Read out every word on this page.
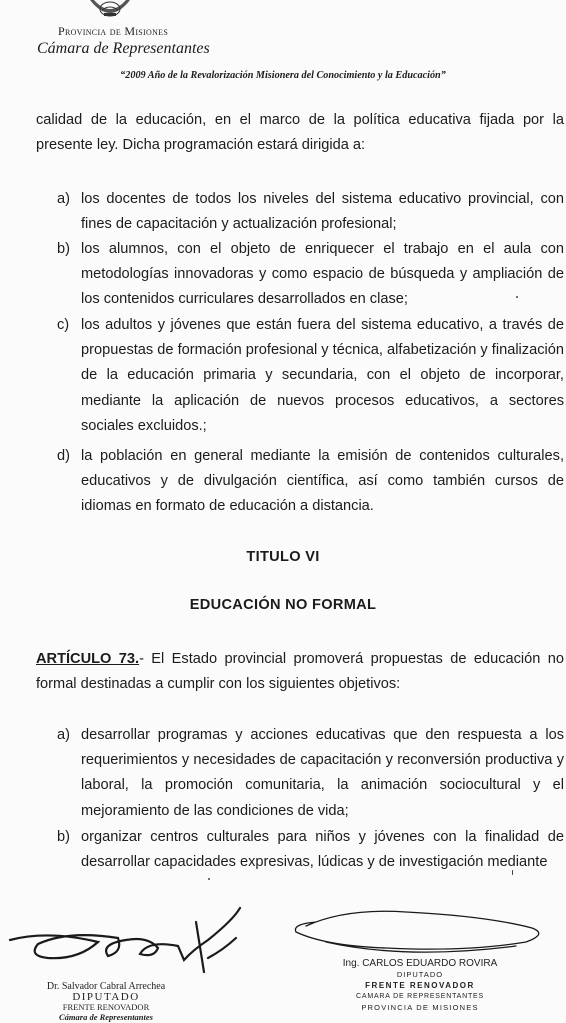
Provincia de Misiones
Cámara de Representantes
“2009 Año de la Revalorización Misionera del Conocimiento y la Educación”

calidad de la educación, en el marco de la política educativa fijada por la presente ley. Dicha programación estará dirigida a:

a) los docentes de todos los niveles del sistema educativo provincial, con fines de capacitación y actualización profesional;
b) los alumnos, con el objeto de enriquecer el trabajo en el aula con metodologías innovadoras y como espacio de búsqueda y ampliación de los contenidos curriculares desarrollados en clase;
c) los adultos y jóvenes que están fuera del sistema educativo, a través de propuestas de formación profesional y técnica, alfabetización y finalización de la educación primaria y secundaria, con el objeto de incorporar, mediante la aplicación de nuevos procesos educativos, a sectores sociales excluidos.;
d) la población en general mediante la emisión de contenidos culturales, educativos y de divulgación científica, así como también cursos de idiomas en formato de educación a distancia.
TITULO VI
EDUCACIÓN NO FORMAL

ARTÍCULO 73.- El Estado provincial promoverá propuestas de educación no formal destinadas a cumplir con los siguientes objetivos:

a) desarrollar programas y acciones educativas que den respuesta a los requerimientos y necesidades de capacitación y reconversión productiva y laboral, la promoción comunitaria, la animación sociocultural y el mejoramiento de las condiciones de vida;
b) organizar centros culturales para niños y jóvenes con la finalidad de desarrollar capacidades expresivas, lúdicas y de investigación mediante
Dr. Salvador Cabral Arrechea
DIPUTADO
FRENTE RENOVADOR
Cámara de Representantes
Ing. CARLOS EDUARDO ROVIRA
DIPUTADO
FRENTE RENOVADOR
CAMARA DE REPRESENTANTES
PROVINCIA DE MISIONES
